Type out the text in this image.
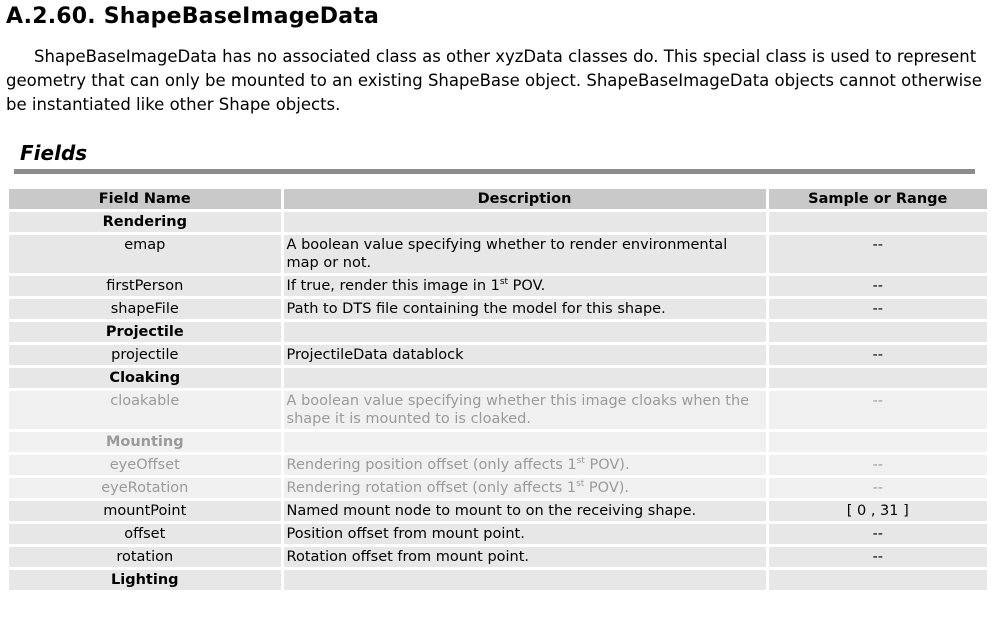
A.2.60. ShapeBaseImageData
ShapeBaseImageData has no associated class as other xyzData classes do. This special class is used to represent geometry that can only be mounted to an existing ShapeBase object. ShapeBaseImageData objects cannot otherwise be instantiated like other Shape objects.
Fields
Field Name	Description	Sample or Range
Rendering		
emap	A boolean value specifying whether to render environmental map or not.	--
firstPerson	If true, render this image in 1st POV.	--
shapeFile	Path to DTS file containing the model for this shape.	--
Projectile		
projectile	ProjectileData datablock	--
Cloaking		
cloakable	A boolean value specifying whether this image cloaks when the shape it is mounted to is cloaked.	--
Mounting		
eyeOffset	Rendering position offset (only affects 1st POV).	--
eyeRotation	Rendering rotation offset (only affects 1st POV).	--
mountPoint	Named mount node to mount to on the receiving shape.	[ 0 , 31 ]
offset	Position offset from mount point.	--
rotation	Rotation offset from mount point.	--
Lighting		
